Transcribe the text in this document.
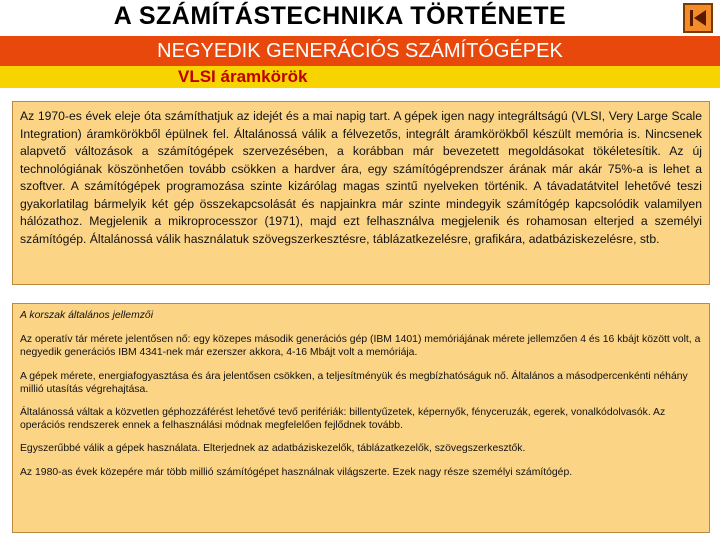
A SZÁMÍTÁSTECHNIKA TÖRTÉNETE
NEGYEDIK GENERÁCIÓS SZÁMÍTÓGÉPEK
VLSI áramkörök
Az 1970-es évek eleje óta számíthatjuk az idejét és a mai napig tart. A gépek igen nagy integráltságú (VLSI, Very Large Scale Integration) áramkörökből épülnek fel. Általánossá válik a félvezetős, integrált áramkörökből készült memória is. Nincsenek alapvető változások a számítógépek szervezésében, a korábban már bevezetett megoldásokat tökéletesítik. Az új technológiának köszönhetően tovább csökken a hardver ára, egy számítógéprendszer árának már akár 75%-a is lehet a szoftver. A számítógépek programozása szinte kizárólag magas szintű nyelveken történik. A távadatátvitel lehetővé teszi gyakorlatilag bármelyik két gép összekapcsolását és napjainkra már szinte mindegyik számítógép kapcsolódik valamilyen hálózathoz. Megjelenik a mikroprocesszor (1971), majd ezt felhasználva megjelenik és rohamosan elterjed a személyi számítógép. Általánossá válik használatuk szövegszerkesztésre, táblázatkezelésre, grafikára, adatbáziskezelésre, stb.
A korszak általános jellemzői

Az operatív tár mérete jelentősen nő: egy közepes második generációs gép (IBM 1401) memóriájának mérete jellemzően 4 és 16 kbájt között volt, a negyedik generációs IBM 4341-nek már ezerszer akkora, 4-16 Mbájt volt a memóriája.

A gépek mérete, energiafogyasztása és ára jelentősen csökken, a teljesítményük és megbízhatóságuk nő. Általános a másodpercenkénti néhány millió utasítás végrehajtása.

Általánossá váltak a közvetlen géphozzáférést lehetővé tevő perifériák: billentyűzetek, képernyők, fényceruzák, egerek, vonalkódolvasók. Az operációs rendszerek ennek a felhasználási módnak megfelelően fejlődnek tovább.

Egyszerűbbé válik a gépek használata. Elterjednek az adatbáziskezelők, táblázatkezelők, szövegszerkesztők.

Az 1980-as évek közepére már több millió számítógépet használnak világszerte. Ezek nagy része személyi számítógép.
